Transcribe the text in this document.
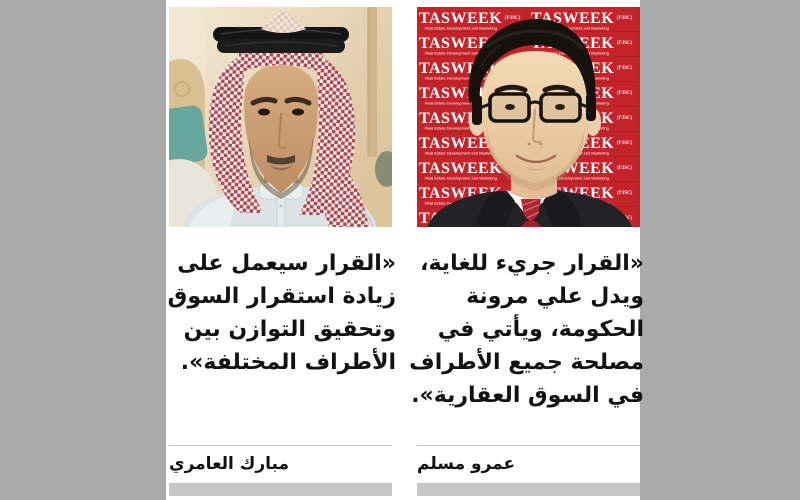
«القرار سيعمل على
زيادة استقرار السوق
وتحقيق التوازن بين
الأطراف المختلفة».
مبارك العامري
«القرار جريء للغاية،
ويدل علي مرونة
الحكومة، ويأتي في
مصلحة جميع الأطراف
في السوق العقارية».
عمرو مسلم
